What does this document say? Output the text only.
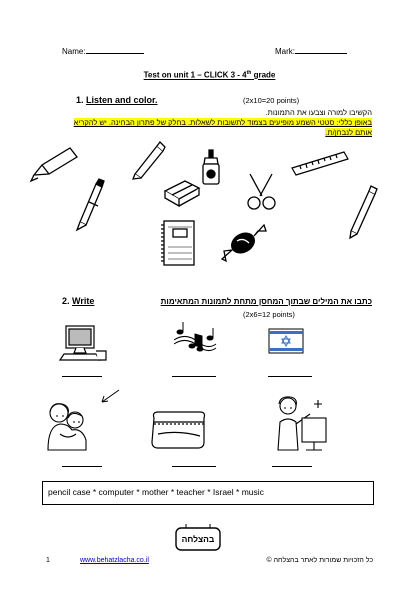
Name:	Mark:
Test on unit 1 – CLICK 3 - 4th grade
1. Listen and color.	(2x10=20 points)
הקשיבו למורה וצבעו את התמונות.
באופן כללי: סטטי השמע מופיעים בצמוד לתשובות לשאלות. בחלק של פתרון הבחינה. יש להקריא אותם לנבחן/ת.
2. Write	כתבו את המילים שבתוך המחסן מתחת לתמונות המתאימות
(2x6=12 points)
pencil case * computer * mother * teacher * Israel * music
בהצלחה
1	www.behatzlacha.co.il	כל הזכויות שמורות לאתר בהצלחה ©
